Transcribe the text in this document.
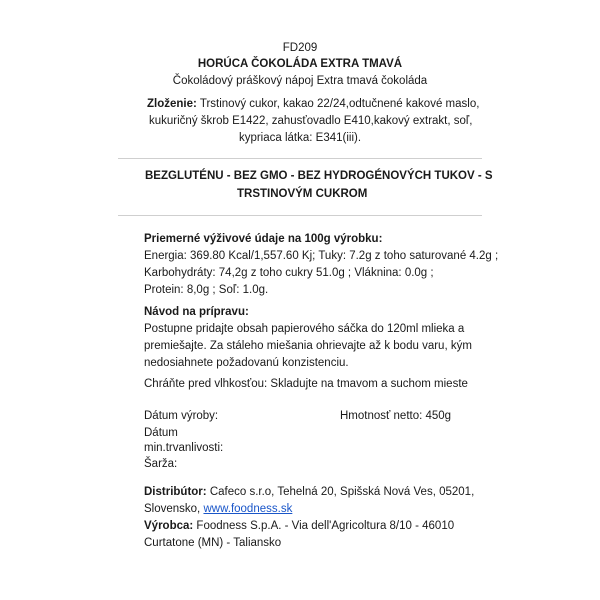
FD209
HORÚCA ČOKOLÁDA EXTRA TMAVÁ
Čokoládový práškový nápoj Extra tmavá čokoláda
Zloženie: Trstinový cukor, kakao 22/24,odtučnené kakové maslo,
kukuričný škrob E1422, zahusťovadlo E410,kakový extrakt, soľ,
kypriaca látka: E341(iii).
BEZGLUTÉNU - BEZ GMO - BEZ HYDROGÉNOVÝCH TUKOV - S
TRSTINOVÝM CUKROM
Priemerné výživové údaje na 100g výrobku:
Energia: 369.80 Kcal/1,557.60 Kj; Tuky: 7.2g z toho saturované 4.2g ;
Karbohydráty: 74,2g z toho cukry 51.0g ; Vláknina: 0.0g ;
Protein: 8,0g ; Soľ: 1.0g.
Návod na prípravu:
Postupne pridajte obsah papierového sáčka do 120ml mlieka a
premiešajte. Za stáleho miešania ohrievajte až k bodu varu, kým
nedosiahnete požadovanú konzistenciu.
Chráňte pred vlhkosťou: Skladujte na tmavom a suchom mieste
Dátum výroby:	Hmotnosť netto: 450g
Dátum
min.trvanlivosti:
Šarža:
Distribútor: Cafeco s.r.o, Tehelná 20, Spišská Nová Ves, 05201,
Slovensko, www.foodness.sk
Výrobca: Foodness S.p.A. - Via dell'Agricoltura 8/10 - 46010
Curtatone (MN) - Taliansko
